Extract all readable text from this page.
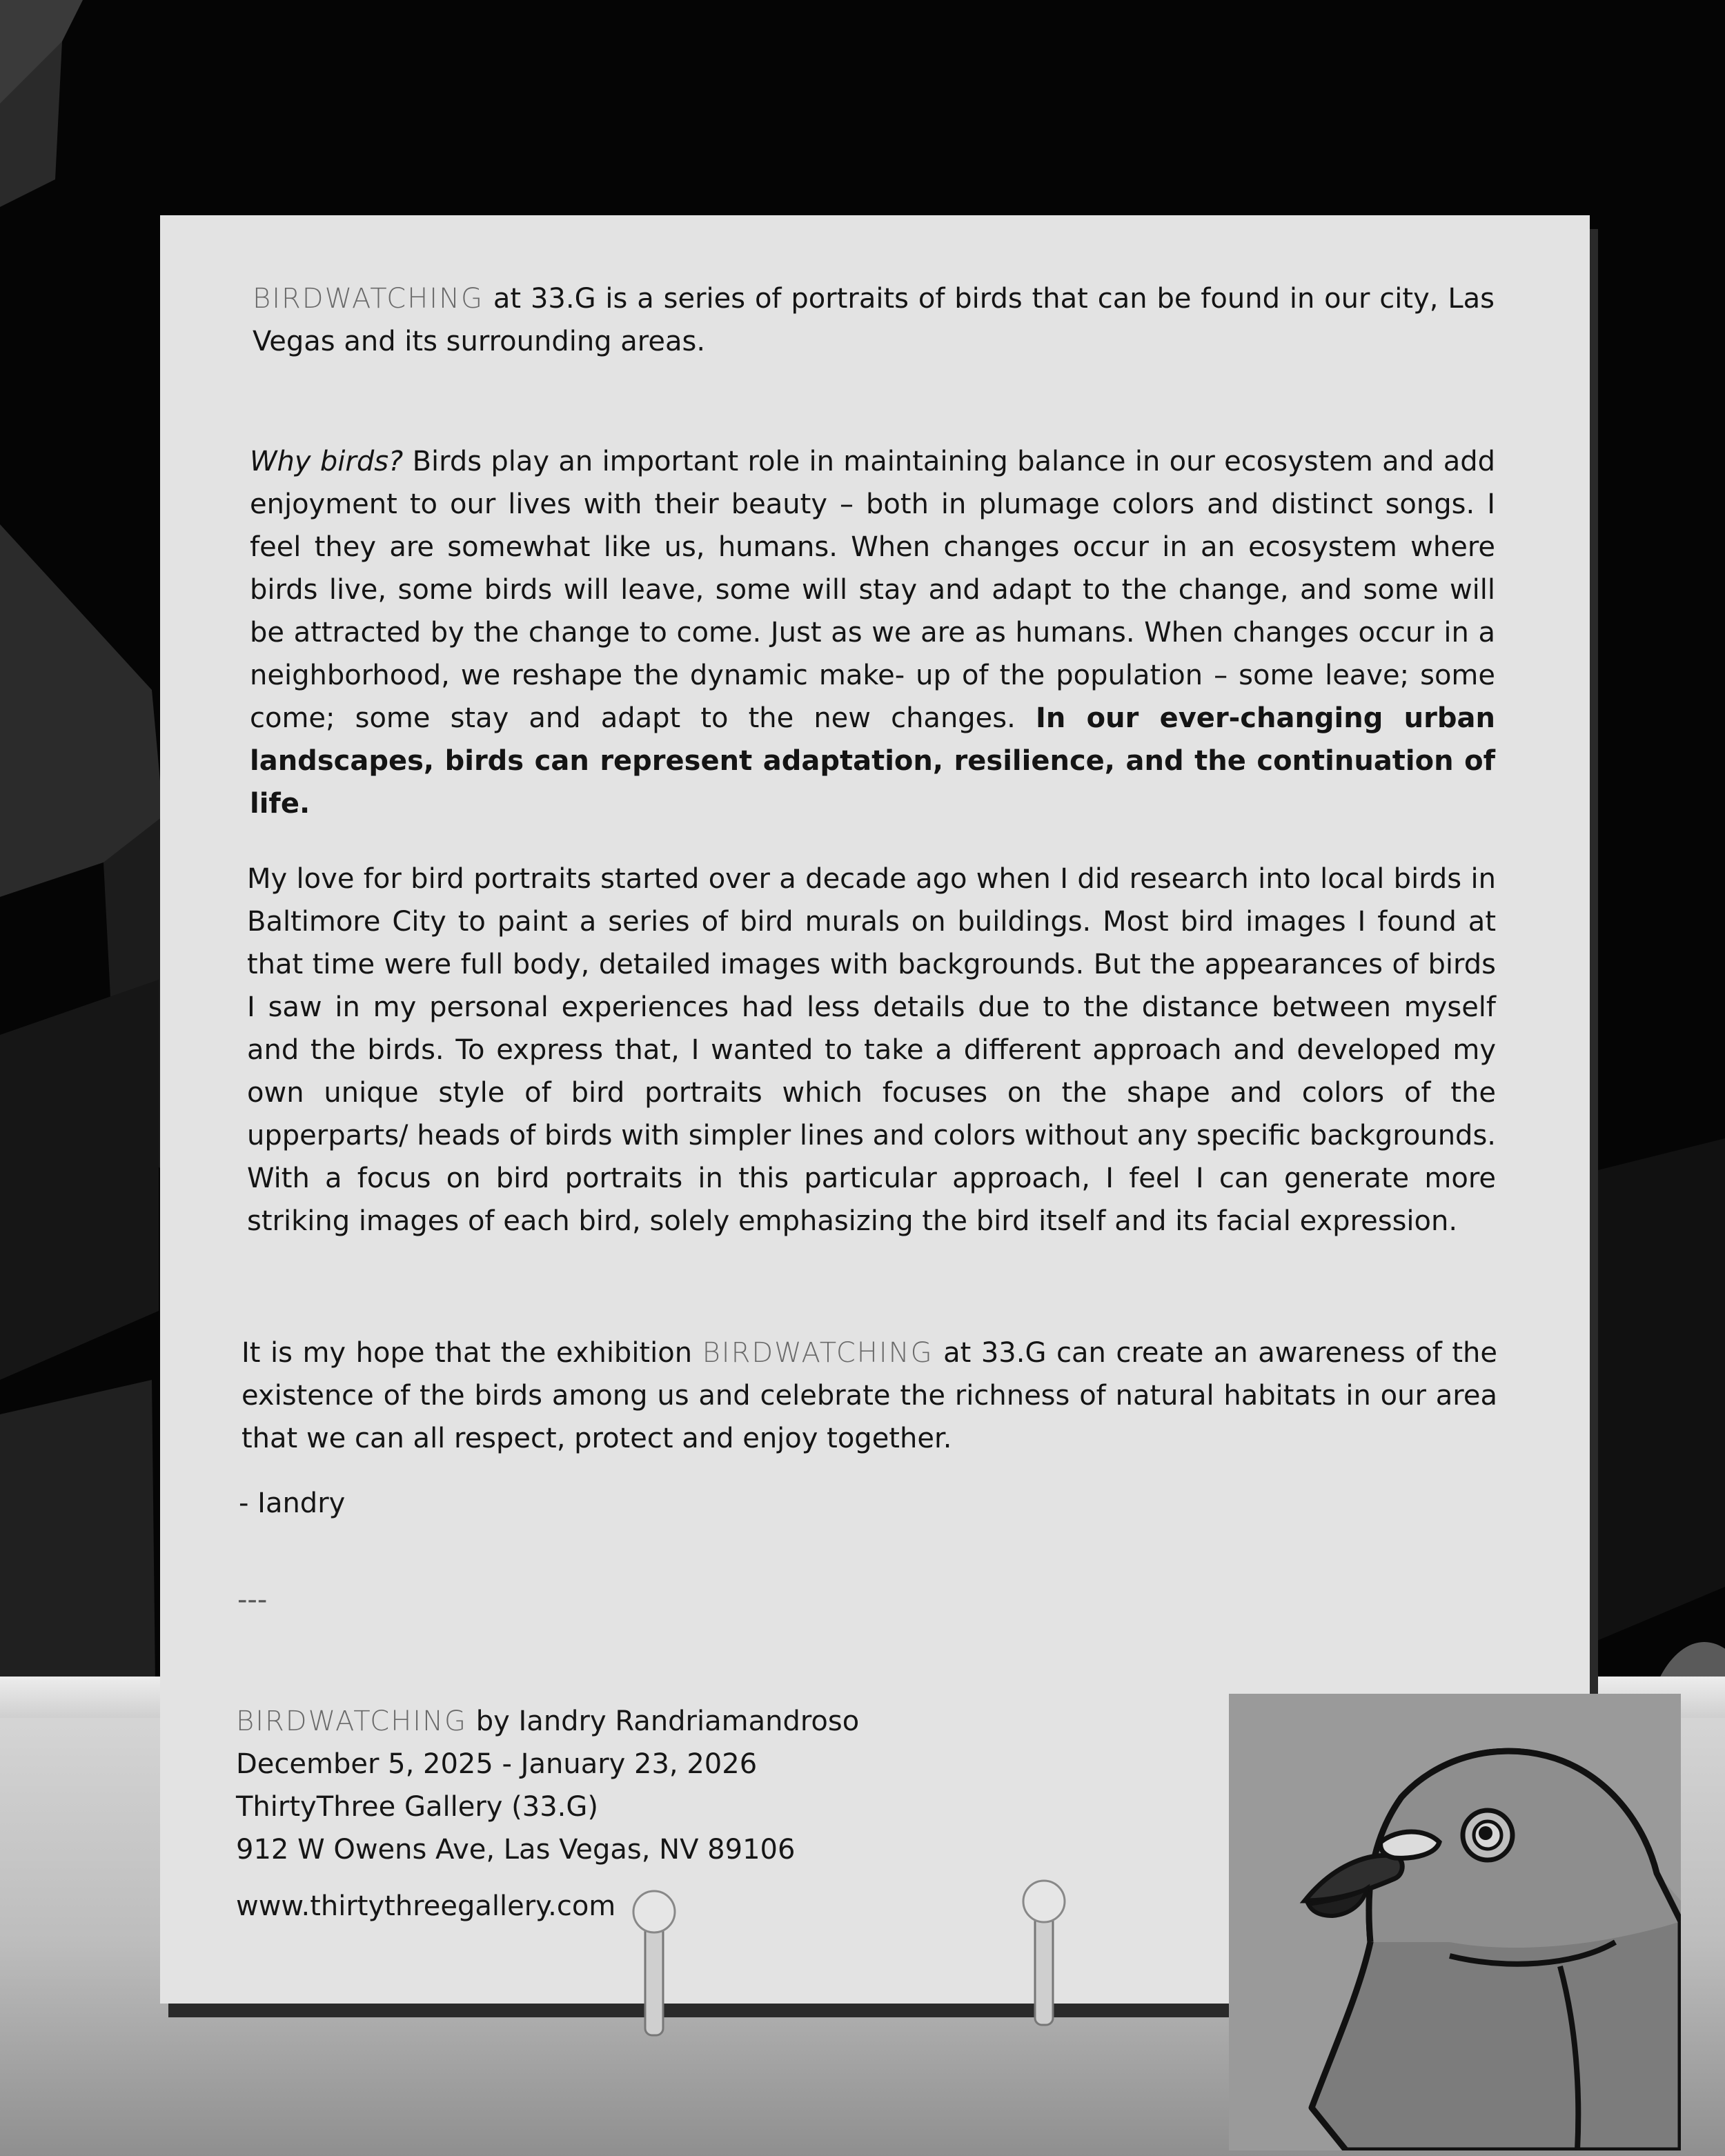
BIRDWATCHING at 33.G is a series of portraits of birds that can be found in our city, Las Vegas and its surrounding areas.

Why birds? Birds play an important role in maintaining balance in our ecosystem and add enjoyment to our lives with their beauty – both in plumage colors and distinct songs. I feel they are somewhat like us, humans. When changes occur in an ecosystem where birds live, some birds will leave, some will stay and adapt to the change, and some will be attracted by the change to come. Just as we are as humans. When changes occur in a neighborhood, we reshape the dynamic make- up of the population – some leave; some come; some stay and adapt to the new changes. In our ever-changing urban landscapes, birds can represent adaptation, resilience, and the continuation of life.

My love for bird portraits started over a decade ago when I did research into local birds in Baltimore City to paint a series of bird murals on buildings. Most bird images I found at that time were full body, detailed images with backgrounds. But the appearances of birds I saw in my personal experiences had less details due to the distance between myself and the birds. To express that, I wanted to take a different approach and developed my own unique style of bird portraits which focuses on the shape and colors of the upperparts/ heads of birds with simpler lines and colors without any specific backgrounds. With a focus on bird portraits in this particular approach, I feel I can generate more striking images of each bird, solely emphasizing the bird itself and its facial expression.

It is my hope that the exhibition BIRDWATCHING at 33.G can create an awareness of the existence of the birds among us and celebrate the richness of natural habitats in our area that we can all respect, protect and enjoy together.

- Iandry
---
BIRDWATCHING by Iandry Randriamandroso
December 5, 2025 - January 23, 2026
ThirtyThree Gallery (33.G)
912 W Owens Ave, Las Vegas, NV 89106
www.thirtythreegallery.com
